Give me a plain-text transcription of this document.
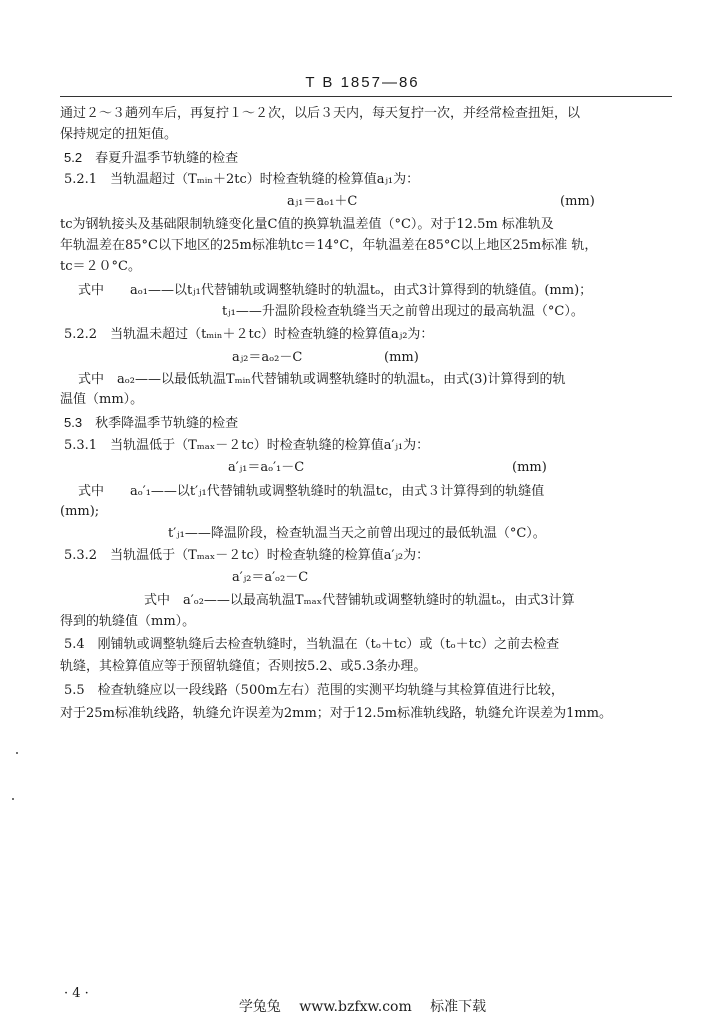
T B 1857—86
通过２～３趟列车后，再复拧１～２次，以后３天内，每天复拧一次，并经常检查扭矩，以
保持规定的扭矩值。
5.2　春夏升温季节轨缝的检查
5.2.1　当轨温超过（Tₘᵢₙ＋2tc）时检查轨缝的检算值aⱼ₁为：
aⱼ₁＝aₒ₁＋C	(mm)
tc为钢轨接头及基础限制轨缝变化量C值的换算轨温差值（°C）。对于12.5m 标准轨及
年轨温差在85°C以下地区的25m标准轨tc＝14°C，年轨温差在85°C以上地区25m标准 轨，
tc＝２０°C。
式中　　aₒ₁——以tⱼ₁代替铺轨或调整轨缝时的轨温tₒ，由式3计算得到的轨缝值。(mm)；
tⱼ₁——升温阶段检查轨缝当天之前曾出现过的最高轨温（°C）。
5.2.2　当轨温未超过（tₘᵢₙ＋２tc）时检查轨缝的检算值aⱼ₂为：
aⱼ₂＝aₒ₂－C	(mm)
式中　aₒ₂——以最低轨温Tₘᵢₙ代替铺轨或调整轨缝时的轨温tₒ，由式(3)计算得到的轨
温值（mm）。
5.3　秋季降温季节轨缝的检查
5.3.1　当轨温低于（Tₘₐₓ－２tc）时检查轨缝的检算值a′ⱼ₁为：
a′ⱼ₁＝aₒ′₁－C	(mm)
式中　　aₒ′₁——以t′ⱼ₁代替铺轨或调整轨缝时的轨温tc，由式３计算得到的轨缝值
(mm);
t′ⱼ₁——降温阶段，检查轨温当天之前曾出现过的最低轨温（°C）。
5.3.2　当轨温低于（Tₘₐₓ－２tc）时检查轨缝的检算值a′ⱼ₂为：
a′ⱼ₂＝a′ₒ₂－C
式中　a′ₒ₂——以最高轨温Tₘₐₓ代替铺轨或调整轨缝时的轨温tₒ，由式3计算
得到的轨缝值（mm）。
5.4　刚铺轨或调整轨缝后去检查轨缝时，当轨温在（tₒ＋tc）或（tₒ＋tc）之前去检查
轨缝，其检算值应等于预留轨缝值；否则按5.2、或5.3条办理。
5.5　检查轨缝应以一段线路（500m左右）范围的实测平均轨缝与其检算值进行比较，
对于25m标准轨线路，轨缝允许误差为2mm；对于12.5m标准轨线路，轨缝允许误差为1mm。
· 4 ·
学兔兔　 www.bzfxw.com　 标准下载
